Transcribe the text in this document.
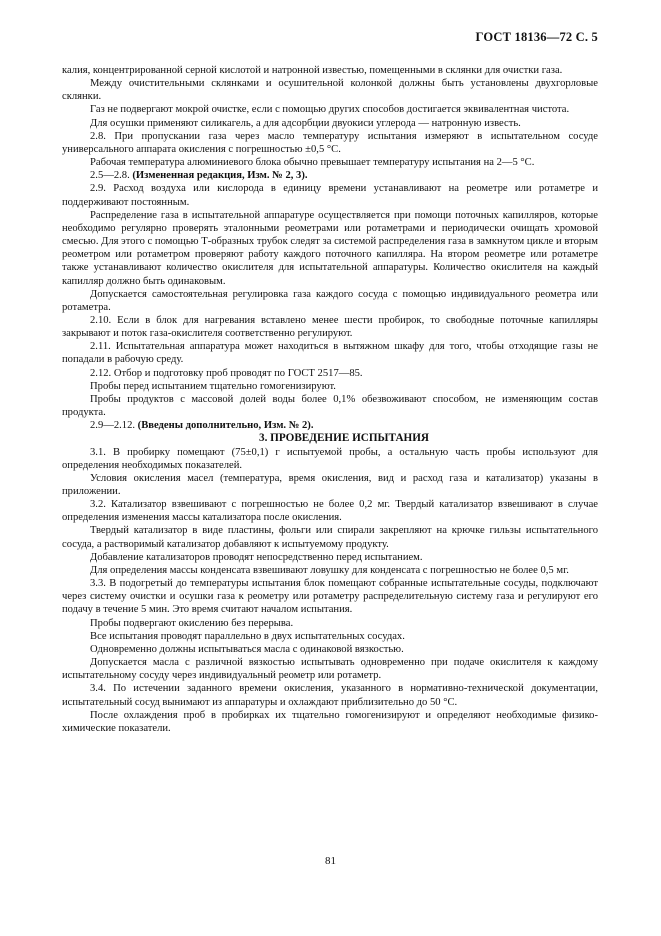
ГОСТ 18136—72 С. 5

калия, концентрированной серной кислотой и натронной известью, помещенными в склянки для очистки газа.

Между очистительными склянками и осушительной колонкой должны быть установлены двухгорловые склянки.

Газ не подвергают мокрой очистке, если с помощью других способов достигается эквивалентная чистота.

Для осушки применяют силикагель, а для адсорбции двуокиси углерода — натронную известь.

2.8. При пропускании газа через масло температуру испытания измеряют в испытательном сосуде универсального аппарата окисления с погрешностью ±0,5 °С.

Рабочая температура алюминиевого блока обычно превышает температуру испытания на 2—5 °С.

2.5—2.8. (Измененная редакция, Изм. № 2, 3).

2.9. Расход воздуха или кислорода в единицу времени устанавливают на реометре или ротаметре и поддерживают постоянным.

Распределение газа в испытательной аппаратуре осуществляется при помощи поточных капилляров, которые необходимо регулярно проверять эталонными реометрами или ротаметрами и периодически очищать хромовой смесью. Для этого с помощью Т-образных трубок следят за системой распределения газа в замкнутом цикле и вторым реометром или ротаметром проверяют работу каждого поточного капилляра. На втором реометре или ротаметре также устанавливают количество окислителя для испытательной аппаратуры. Количество окислителя на каждый капилляр должно быть одинаковым.

Допускается самостоятельная регулировка газа каждого сосуда с помощью индивидуального реометра или ротаметра.

2.10. Если в блок для нагревания вставлено менее шести пробирок, то свободные поточные капилляры закрывают и поток газа-окислителя соответственно регулируют.

2.11. Испытательная аппаратура может находиться в вытяжном шкафу для того, чтобы отходящие газы не попадали в рабочую среду.

2.12. Отбор и подготовку проб проводят по ГОСТ 2517—85.

Пробы перед испытанием тщательно гомогенизируют.

Пробы продуктов с массовой долей воды более 0,1% обезвоживают способом, не изменяющим состав продукта.

2.9—2.12. (Введены дополнительно, Изм. № 2).

3. ПРОВЕДЕНИЕ ИСПЫТАНИЯ

3.1. В пробирку помещают (75±0,1) г испытуемой пробы, а остальную часть пробы используют для определения необходимых показателей.

Условия окисления масел (температура, время окисления, вид и расход газа и катализатор) указаны в приложении.

3.2. Катализатор взвешивают с погрешностью не более 0,2 мг. Твердый катализатор взвешивают в случае определения изменения массы катализатора после окисления.

Твердый катализатор в виде пластины, фольги или спирали закрепляют на крючке гильзы испытательного сосуда, а растворимый катализатор добавляют к испытуемому продукту.

Добавление катализаторов проводят непосредственно перед испытанием.

Для определения массы конденсата взвешивают ловушку для конденсата с погрешностью не более 0,5 мг.

3.3. В подогретый до температуры испытания блок помещают собранные испытательные сосуды, подключают через систему очистки и осушки газа к реометру или ротаметру распределительную систему газа и регулируют его подачу в течение 5 мин. Это время считают началом испытания.

Пробы подвергают окислению без перерыва.

Все испытания проводят параллельно в двух испытательных сосудах.

Одновременно должны испытываться масла с одинаковой вязкостью.

Допускается масла с различной вязкостью испытывать одновременно при подаче окислителя к каждому испытательному сосуду через индивидуальный реометр или ротаметр.

3.4. По истечении заданного времени окисления, указанного в нормативно-технической документации, испытательный сосуд вынимают из аппаратуры и охлаждают приблизительно до 50 °С.

После охлаждения проб в пробирках их тщательно гомогенизируют и определяют необходимые физико-химические показатели.

81
